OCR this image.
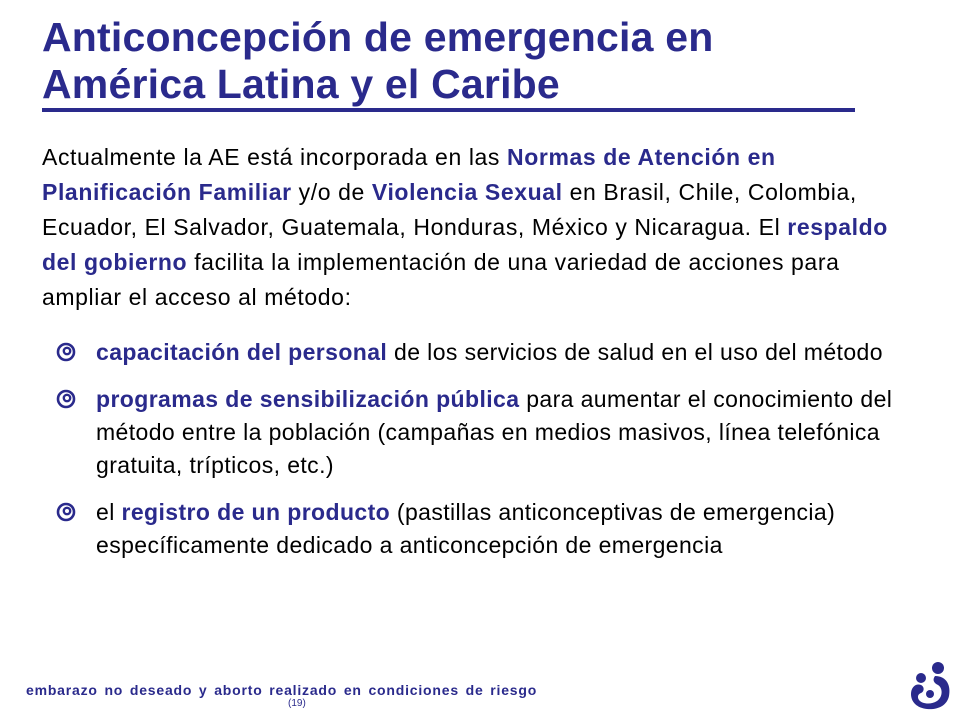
Anticoncepción de emergencia en América Latina y el Caribe
Actualmente la AE está incorporada en las Normas de Atención en Planificación Familiar y/o de Violencia Sexual en Brasil, Chile, Colombia, Ecuador, El Salvador, Guatemala, Honduras, México y Nicaragua. El respaldo del gobierno facilita la implementación de una variedad de acciones para ampliar el acceso al método:
capacitación del personal de los servicios de salud en el uso del método
programas de sensibilización pública para aumentar el conocimiento del método entre la población (campañas en medios masivos, línea telefónica gratuita, trípticos, etc.)
el registro de un producto (pastillas anticonceptivas de emergencia) específicamente dedicado a anticoncepción de emergencia
embarazo no deseado y aborto realizado en condiciones de riesgo
(19)
